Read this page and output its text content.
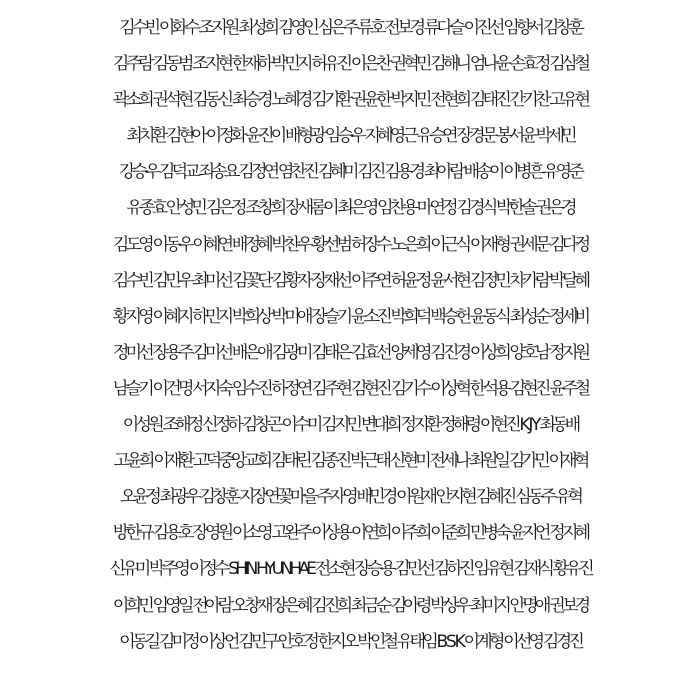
김수빈 이화수 조지원 최성희 김영인 심은주 류호 전보경 류다슬 이진선 임향서 김창훈
김주람 김동범 조지현 한재하 박민지 허유진 이은찬 권혁민 김해니 엄나윤 손효정 김삼철
곽소희 권석현 김동신 최승경 노혜경 김기환 권윤한 박지민 전현희 김태진 간기찬 고유현
최치환 김현아 이정화 윤진이 배형광 임승우 지혜영근 유승연 장경문 봉서윤 박세민
강승우 김덕교 죄송요 김정연 염찬진 김혜미 김진 김용경 최아람 배송이 이병흔 유영준
유종효 안성민 김은정 조창희 장새롬이 최은영 임찬용 마연정 김경식 박한솔 권은경
김도영 이동우 이혜연 배정혜 박찬우 황선범 허장수 노은희 이근식 이재형 권세문 김다정
김수빈 김민우 최미선 김꽃단 김황자 장재선 이주연 허윤정 윤서현 김정민 차가람 박달혜
황지영 이혜지 하민지 박희상 박미애 장슬기 윤소진 박희덕 백승헌 윤동식 최성순 정세비
정미선 장용주 김미선 배은애 김광미 김태은 김효선 양세영 김진경 이상희 양호남 정지원
남슬기 이건명 서지숙 임수진 하정연 김주현 김현진 김기수 이상혁 한석용 김현진 윤주철
이성원 조해정 신정하 김창곤 이수미 김지민 변대희 정지환 정해령 이현진 K J Y 최동배
고윤희 이재환 고덕중앙교회 김태린 김종진 박근태 신현미 전세나 최원일 김가민 이재혁
오윤정 최광우 김창훈 지장연꽃마을 주자영 배민경 이원재 안지현 김혜진 심동주 유혁
방한규 김용호 장영원 이소영 고완주 이상용 이연희 이주희 이준희 민병숙 윤지언 정지혜
신유미 박주영 이정수 SHIN HYUNHAE 전소현 장승용 김민선 김하진 임유현 김재식 황유진
이희민 임영일 전아람 오창재 장은혜 김진희 최금순 김아령 박상우 최미지 안명애 권보경
이동길 김미정 이상언 김민구 안호정 한지오 박인철 유태임 B S K 이계형 이선영 김경진
